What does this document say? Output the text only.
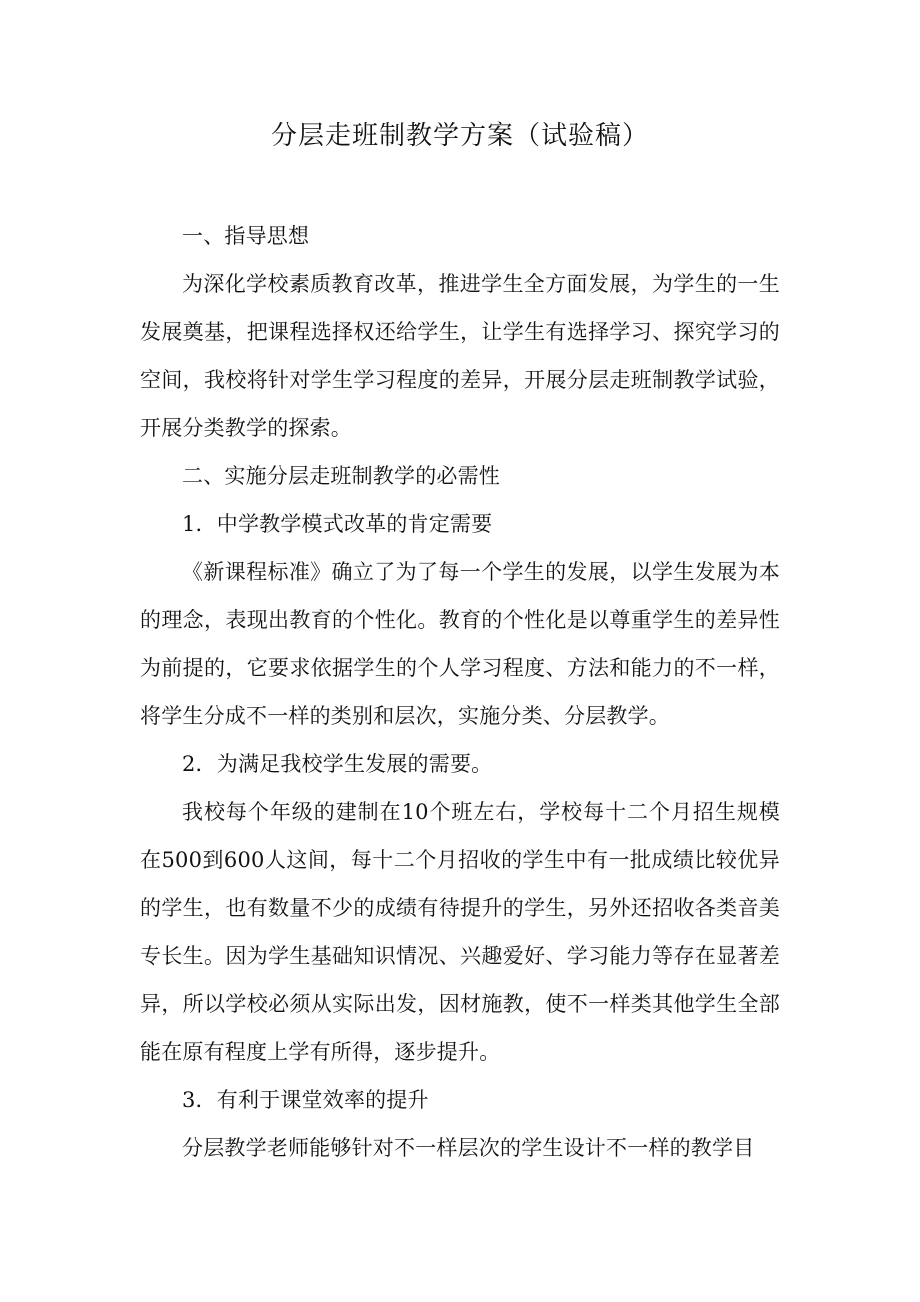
分层走班制教学方案（试验稿）

一、指导思想

为深化学校素质教育改革，推进学生全方面发展，为学生的一生发展奠基，把课程选择权还给学生，让学生有选择学习、探究学习的空间，我校将针对学生学习程度的差异，开展分层走班制教学试验，开展分类教学的探索。

二、实施分层走班制教学的必需性

1．中学教学模式改革的肯定需要

《新课程标准》确立了为了每一个学生的发展，以学生发展为本的理念，表现出教育的个性化。教育的个性化是以尊重学生的差异性为前提的，它要求依据学生的个人学习程度、方法和能力的不一样，将学生分成不一样的类别和层次，实施分类、分层教学。

2．为满足我校学生发展的需要。

我校每个年级的建制在10个班左右，学校每十二个月招生规模在500到600人这间，每十二个月招收的学生中有一批成绩比较优异的学生，也有数量不少的成绩有待提升的学生，另外还招收各类音美专长生。因为学生基础知识情况、兴趣爱好、学习能力等存在显著差异，所以学校必须从实际出发，因材施教，使不一样类其他学生全部能在原有程度上学有所得，逐步提升。

3．有利于课堂效率的提升

分层教学老师能够针对不一样层次的学生设计不一样的教学目
